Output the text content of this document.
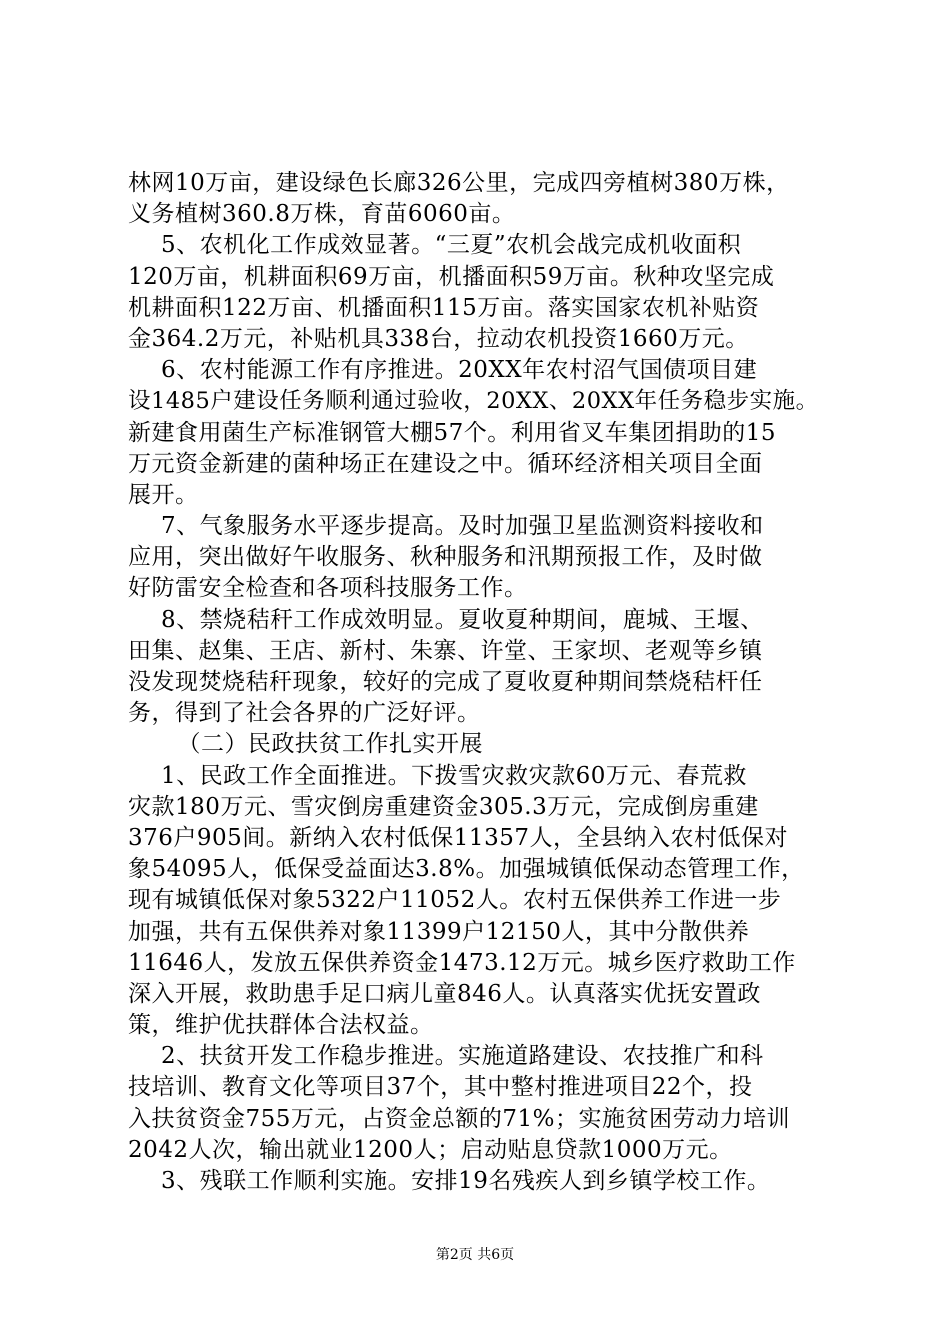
林网10万亩，建设绿色长廊326公里，完成四旁植树380万株，
义务植树360.8万株，育苗6060亩。
5、农机化工作成效显著。“三夏”农机会战完成机收面积
120万亩，机耕面积69万亩，机播面积59万亩。秋种攻坚完成
机耕面积122万亩、机播面积115万亩。落实国家农机补贴资
金364.2万元，补贴机具338台，拉动农机投资1660万元。
6、农村能源工作有序推进。20XX年农村沼气国债项目建
设1485户建设任务顺利通过验收，20XX、20XX年任务稳步实施。
新建食用菌生产标准钢管大棚57个。利用省叉车集团捐助的15
万元资金新建的菌种场正在建设之中。循环经济相关项目全面
展开。
7、气象服务水平逐步提高。及时加强卫星监测资料接收和
应用，突出做好午收服务、秋种服务和汛期预报工作，及时做
好防雷安全检查和各项科技服务工作。
8、禁烧秸秆工作成效明显。夏收夏种期间，鹿城、王堰、
田集、赵集、王店、新村、朱寨、许堂、王家坝、老观等乡镇
没发现焚烧秸秆现象，较好的完成了夏收夏种期间禁烧秸杆任
务，得到了社会各界的广泛好评。
（二）民政扶贫工作扎实开展
1、民政工作全面推进。下拨雪灾救灾款60万元、春荒救
灾款180万元、雪灾倒房重建资金305.3万元，完成倒房重建
376户905间。新纳入农村低保11357人，全县纳入农村低保对
象54095人，低保受益面达3.8%。加强城镇低保动态管理工作，
现有城镇低保对象5322户11052人。农村五保供养工作进一步
加强，共有五保供养对象11399户12150人，其中分散供养
11646人，发放五保供养资金1473.12万元。城乡医疗救助工作
深入开展，救助患手足口病儿童846人。认真落实优抚安置政
策，维护优扶群体合法权益。
2、扶贫开发工作稳步推进。实施道路建设、农技推广和科
技培训、教育文化等项目37个，其中整村推进项目22个，投
入扶贫资金755万元，占资金总额的71%；实施贫困劳动力培训
2042人次，输出就业1200人；启动贴息贷款1000万元。
3、残联工作顺利实施。安排19名残疾人到乡镇学校工作。
第2页 共6页
